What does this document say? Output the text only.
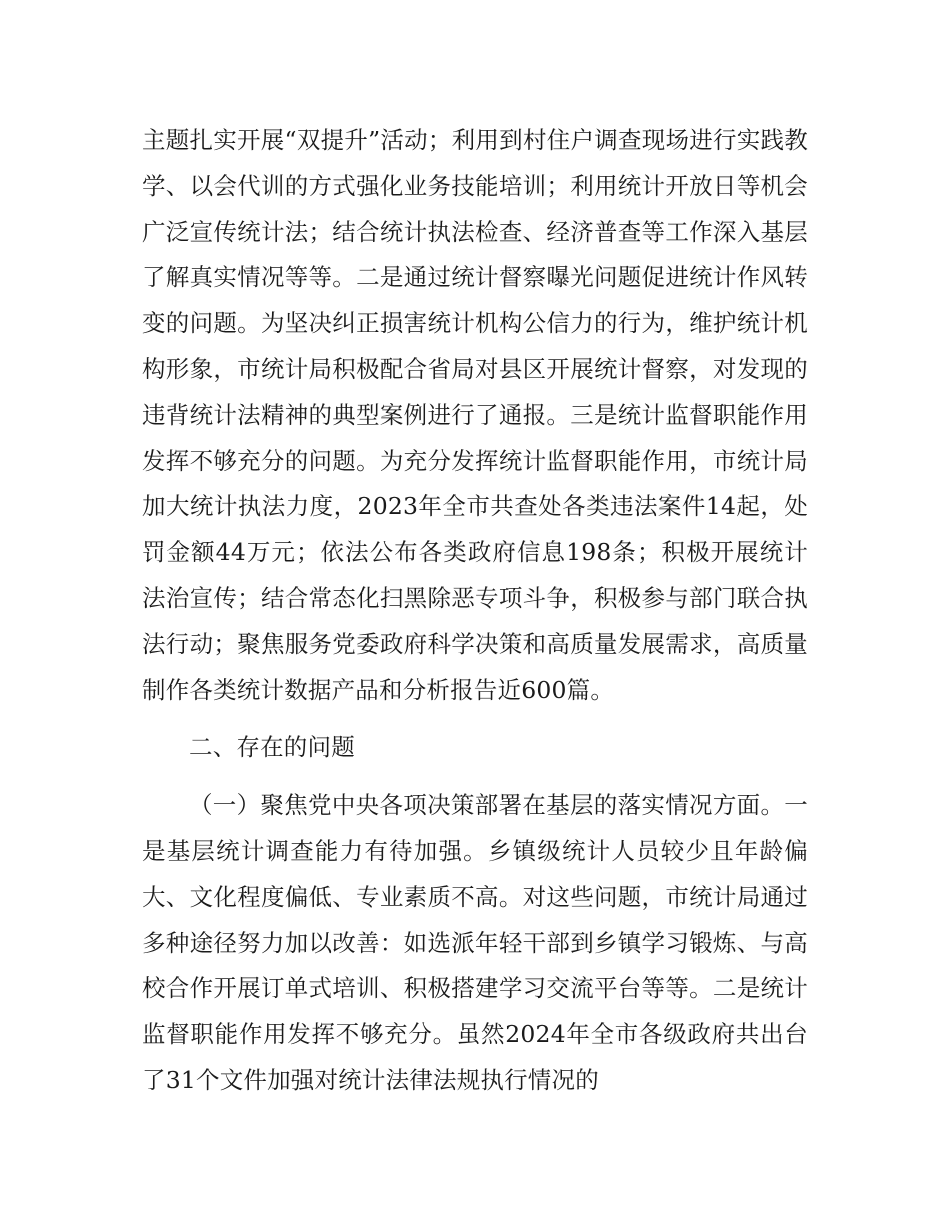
主题扎实开展“双提升”活动；利用到村住户调查现场进行实践教学、以会代训的方式强化业务技能培训；利用统计开放日等机会广泛宣传统计法；结合统计执法检查、经济普查等工作深入基层了解真实情况等等。二是通过统计督察曝光问题促进统计作风转变的问题。为坚决纠正损害统计机构公信力的行为，维护统计机构形象，市统计局积极配合省局对县区开展统计督察，对发现的违背统计法精神的典型案例进行了通报。三是统计监督职能作用发挥不够充分的问题。为充分发挥统计监督职能作用，市统计局加大统计执法力度，2023年全市共查处各类违法案件14起，处罚金额44万元；依法公布各类政府信息198条；积极开展统计法治宣传；结合常态化扫黑除恶专项斗争，积极参与部门联合执法行动；聚焦服务党委政府科学决策和高质量发展需求，高质量制作各类统计数据产品和分析报告近600篇。

二、存在的问题

（一）聚焦党中央各项决策部署在基层的落实情况方面。一是基层统计调查能力有待加强。乡镇级统计人员较少且年龄偏大、文化程度偏低、专业素质不高。对这些问题，市统计局通过多种途径努力加以改善：如选派年轻干部到乡镇学习锻炼、与高校合作开展订单式培训、积极搭建学习交流平台等等。二是统计监督职能作用发挥不够充分。虽然2024年全市各级政府共出台了31个文件加强对统计法律法规执行情况的
